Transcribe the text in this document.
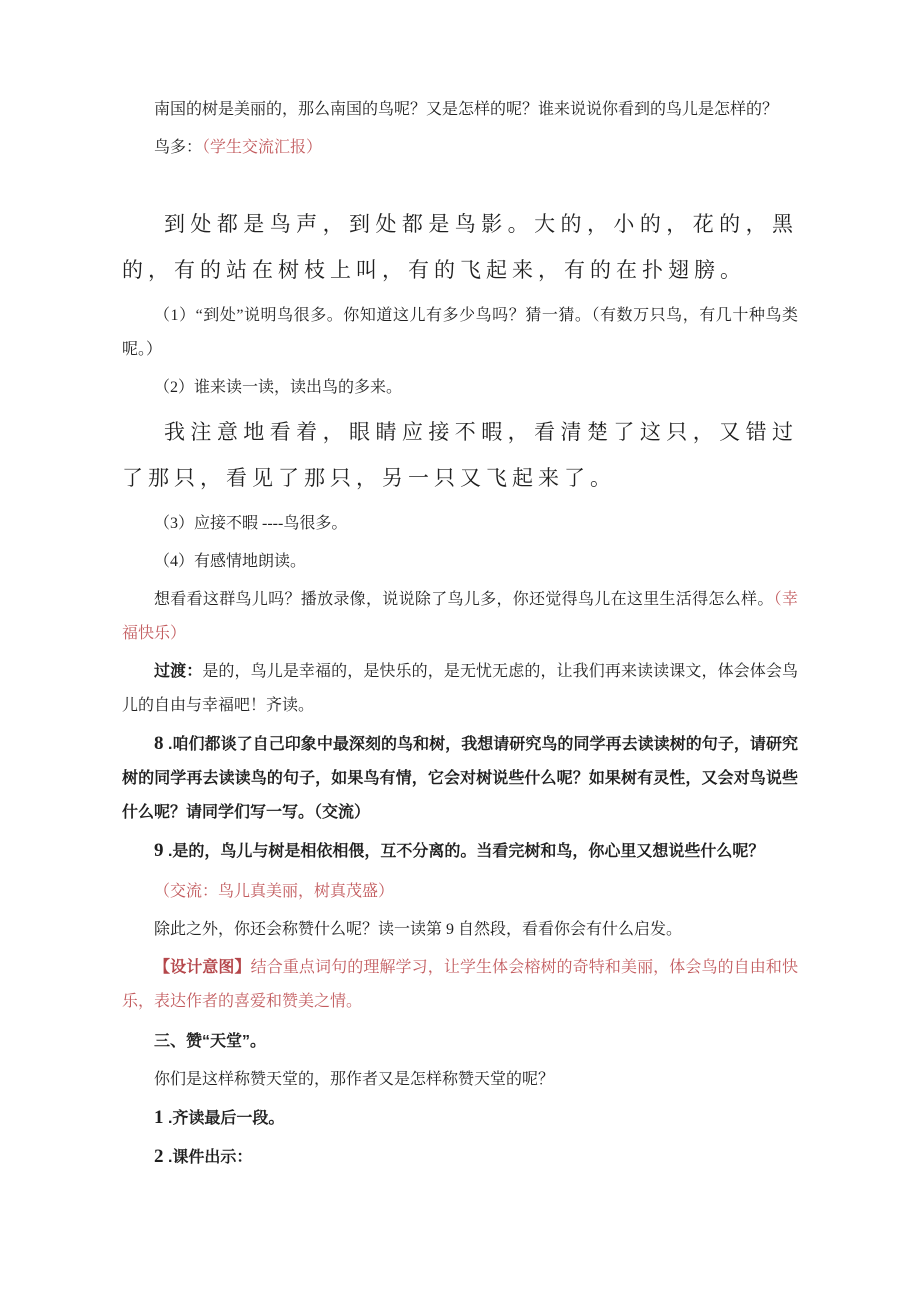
南国的树是美丽的，那么南国的鸟呢？又是怎样的呢？谁来说说你看到的鸟儿是怎样的？

鸟多：（学生交流汇报）

到处都是鸟声，到处都是鸟影。大的，小的，花的，黑的，有的站在树枝上叫，有的飞起来，有的在扑翅膀。

（1）“到处”说明鸟很多。你知道这儿有多少鸟吗？猜一猜。（有数万只鸟，有几十种鸟类呢。）

（2）谁来读一读，读出鸟的多来。

我注意地看着，眼睛应接不暇，看清楚了这只，又错过了那只，看见了那只，另一只又飞起来了。

（3）应接不暇 ----鸟很多。

（4）有感情地朗读。

想看看这群鸟儿吗？播放录像，说说除了鸟儿多，你还觉得鸟儿在这里生活得怎么样。（幸福快乐）

过渡：是的，鸟儿是幸福的，是快乐的，是无忧无虑的，让我们再来读读课文，体会体会鸟儿的自由与幸福吧！齐读。

8 .咱们都谈了自己印象中最深刻的鸟和树，我想请研究鸟的同学再去读读树的句子，请研究树的同学再去读读鸟的句子，如果鸟有情，它会对树说些什么呢？如果树有灵性，又会对鸟说些什么呢？请同学们写一写。（交流）

9 .是的，鸟儿与树是相依相偎，互不分离的。当看完树和鸟，你心里又想说些什么呢？

（交流：鸟儿真美丽，树真茂盛）

除此之外，你还会称赞什么呢？读一读第 9 自然段，看看你会有什么启发。

【设计意图】结合重点词句的理解学习，让学生体会榕树的奇特和美丽，体会鸟的自由和快乐，表达作者的喜爱和赞美之情。

三、赞“天堂”。

你们是这样称赞天堂的，那作者又是怎样称赞天堂的呢？

1 .齐读最后一段。

2 .课件出示：
